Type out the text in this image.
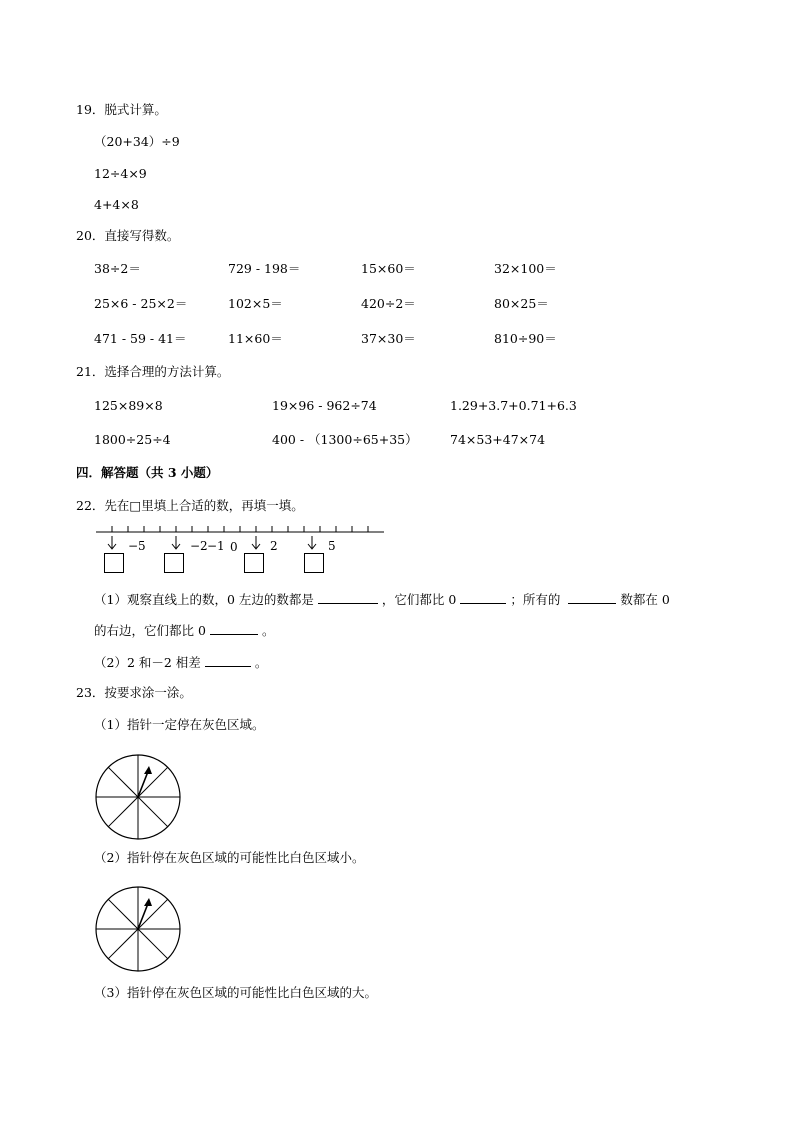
19．脱式计算。
（20+34）÷9
12÷4×9
4+4×8
20．直接写得数。
38÷2＝	729 - 198＝	15×60＝	32×100＝
25×6 - 25×2＝	102×5＝	420÷2＝	80×25＝
471 - 59 - 41＝	11×60＝	37×30＝	810÷90＝
21．选择合理的方法计算。
125×89×8	19×96 - 962÷74	1.29+3.7+0.71+6.3
1800÷25÷4	400 - （1300÷65+35）	74×53+47×74
四．解答题（共 3 小题）
22．先在□里填上合适的数，再填一填。
−5	−2 −1 0	2	5
（1）观察直线上的数，0 左边的数都是	，它们都比 0	；所有的	数都在 0
的右边，它们都比 0	。
（2）2 和－2 相差	。
23．按要求涂一涂。
（1）指针一定停在灰色区域。
（2）指针停在灰色区域的可能性比白色区域小。
（3）指针停在灰色区域的可能性比白色区域的大。
